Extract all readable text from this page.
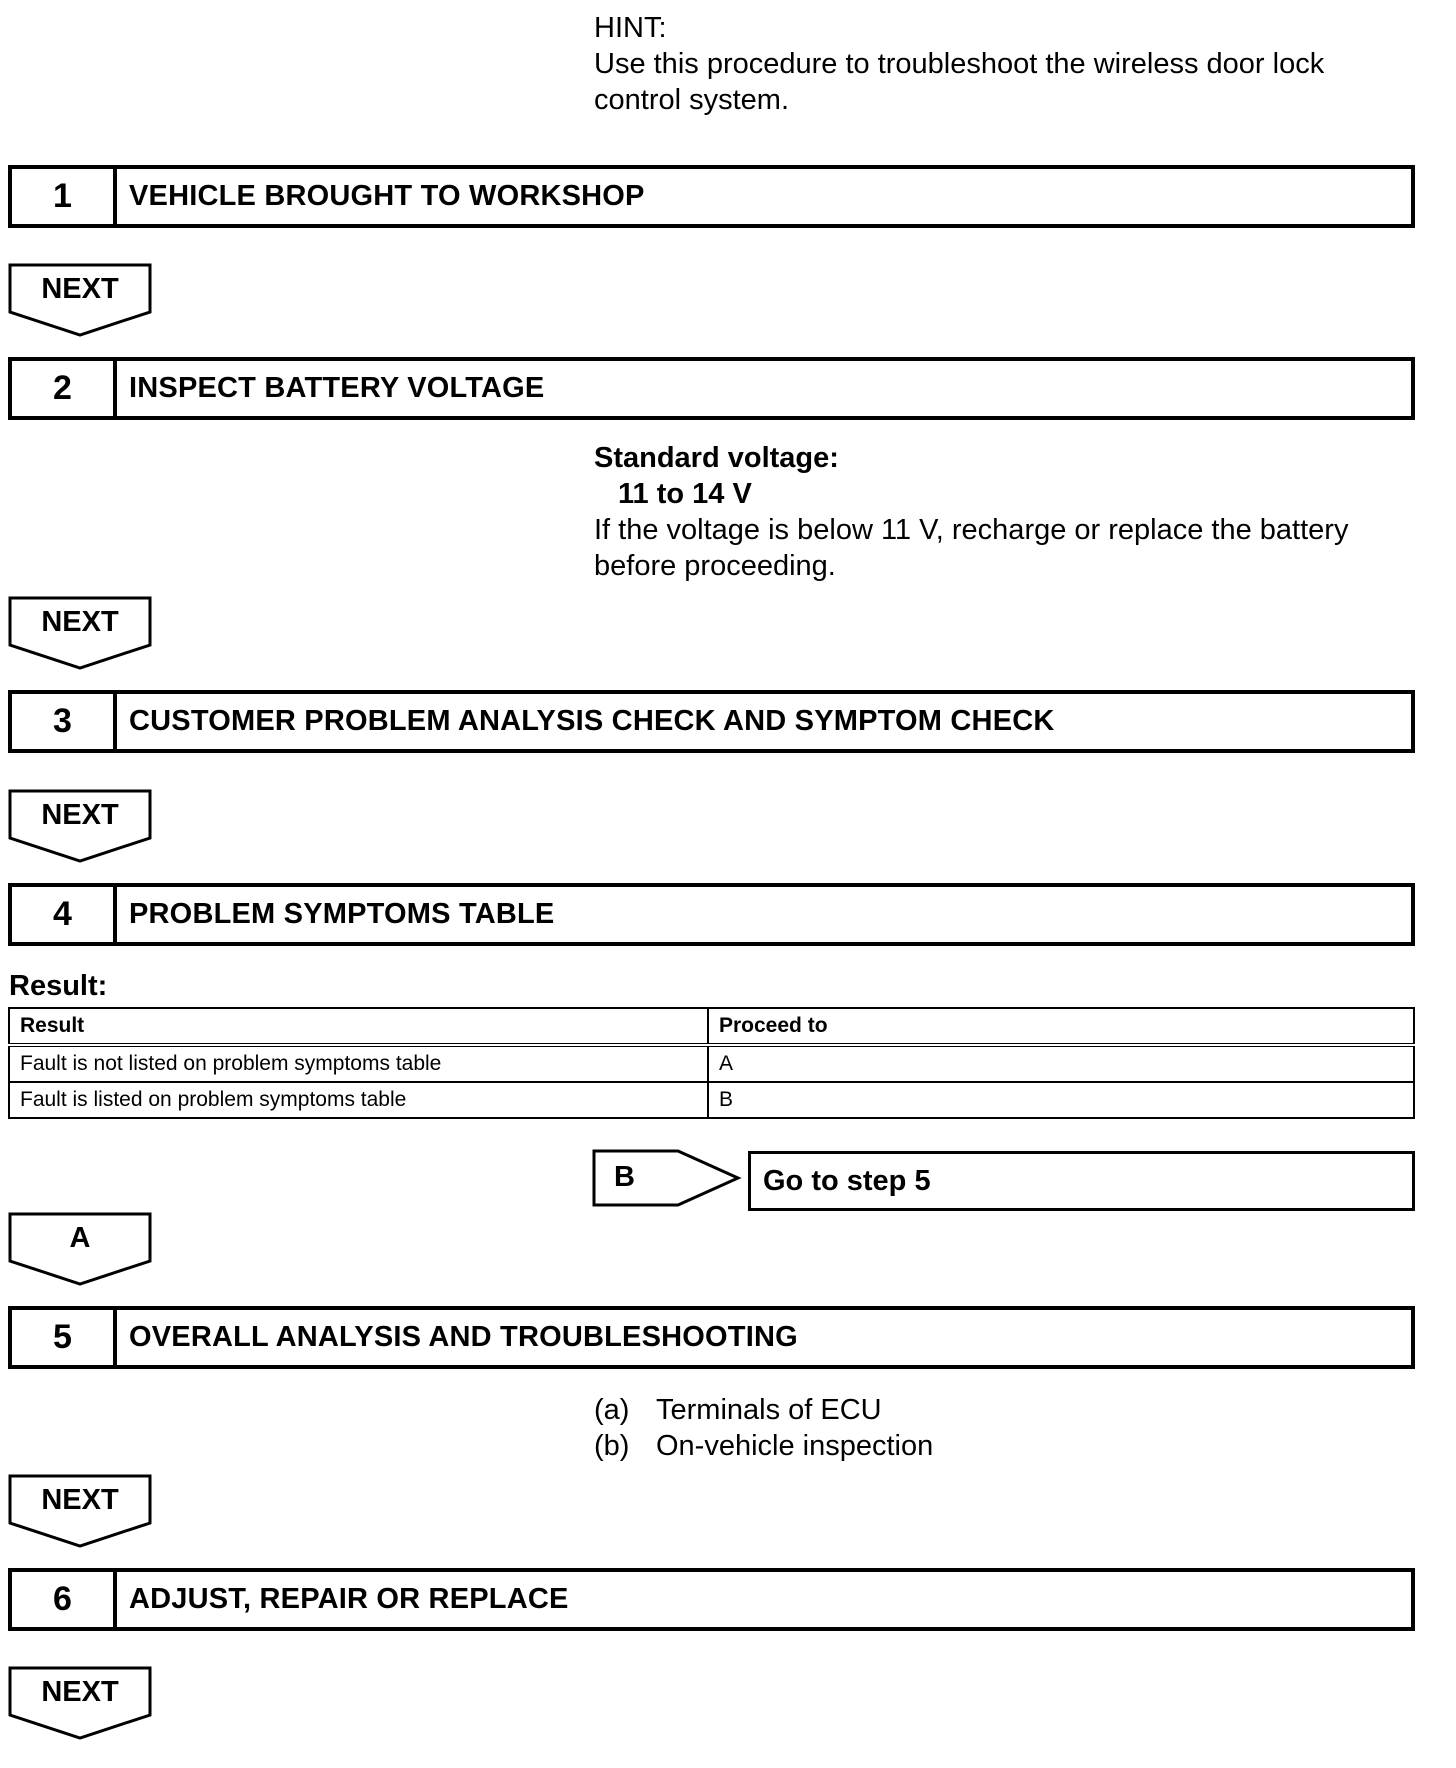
HINT:
Use this procedure to troubleshoot the wireless door lock
control system.
1	VEHICLE BROUGHT TO WORKSHOP
NEXT
2	INSPECT BATTERY VOLTAGE
Standard voltage:
11 to 14 V
If the voltage is below 11 V, recharge or replace the battery
before proceeding.
NEXT
3	CUSTOMER PROBLEM ANALYSIS CHECK AND SYMPTOM CHECK
NEXT
4	PROBLEM SYMPTOMS TABLE
Result:
Result	Proceed to
Fault is not listed on problem symptoms table	A
Fault is listed on problem symptoms table	B
B	Go to step 5
A
5	OVERALL ANALYSIS AND TROUBLESHOOTING
(a) Terminals of ECU
(b) On-vehicle inspection
NEXT
6	ADJUST, REPAIR OR REPLACE
NEXT
